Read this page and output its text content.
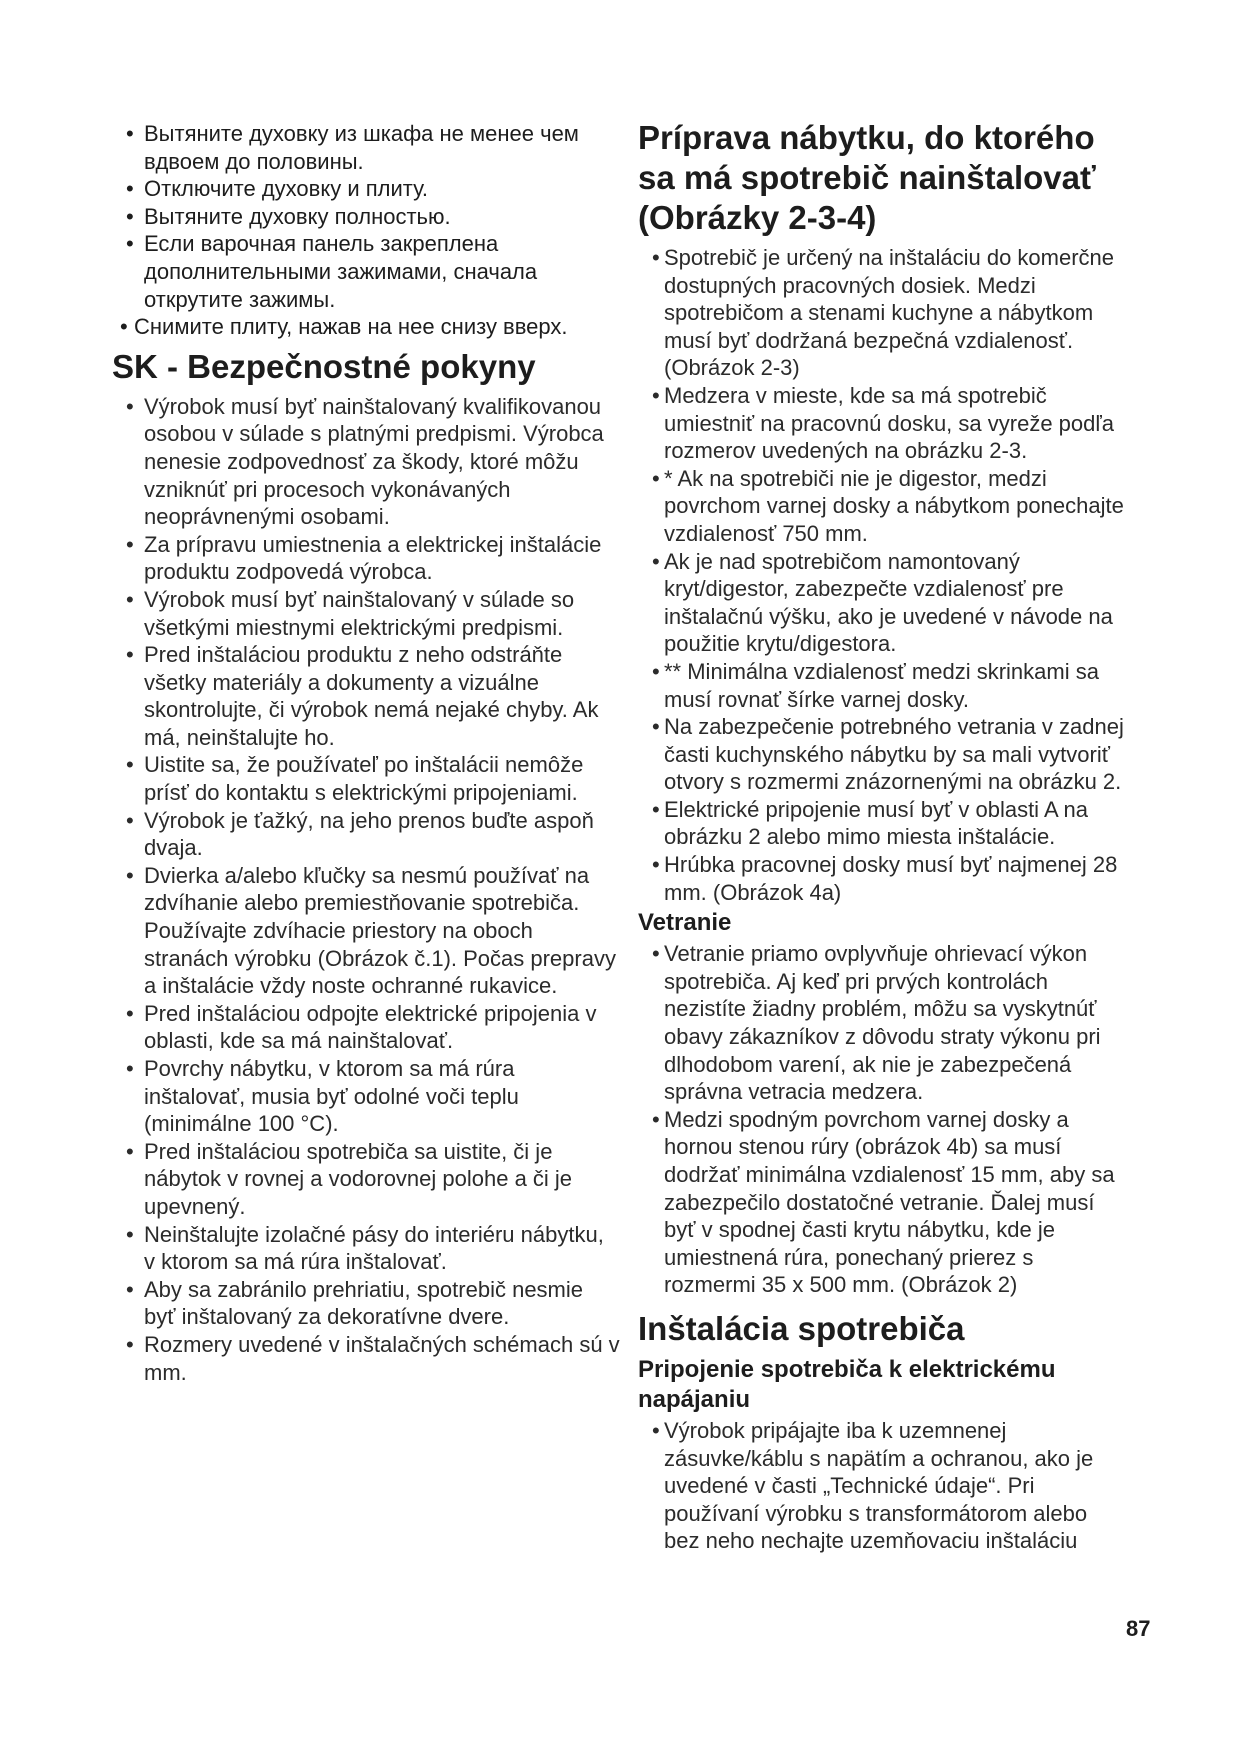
• Вытяните духовку из шкафа не менее чем вдвоем до половины.

• Отключите духовку и плиту.

• Вытяните духовку полностью.

• Если варочная панель закреплена дополнительными зажимами, сначала открутите зажимы.

• Снимите плиту, нажав на нее снизу вверх.

SK - Bezpečnostné pokyny

• Výrobok musí byť nainštalovaný kvalifikovanou osobou v súlade s platnými predpismi. Výrobca nenesie zodpovednosť za škody, ktoré môžu vzniknúť pri procesoch vykonávaných neoprávnenými osobami.

• Za prípravu umiestnenia a elektrickej inštalácie produktu zodpovedá výrobca.

• Výrobok musí byť nainštalovaný v súlade so všetkými miestnymi elektrickými predpismi.

• Pred inštaláciou produktu z neho odstráňte všetky materiály a dokumenty a vizuálne skontrolujte, či výrobok nemá nejaké chyby. Ak má, neinštalujte ho.

• Uistite sa, že používateľ po inštalácii nemôže prísť do kontaktu s elektrickými pripojeniami.

• Výrobok je ťažký, na jeho prenos buďte aspoň dvaja.

• Dvierka a/alebo kľučky sa nesmú používať na zdvíhanie alebo premiestňovanie spotrebiča. Používajte zdvíhacie priestory na oboch stranách výrobku (Obrázok č.1). Počas prepravy a inštalácie vždy noste ochranné rukavice.

• Pred inštaláciou odpojte elektrické pripojenia v oblasti, kde sa má nainštalovať.

• Povrchy nábytku, v ktorom sa má rúra inštalovať, musia byť odolné voči teplu (minimálne 100 °C).

• Pred inštaláciou spotrebiča sa uistite, či je nábytok v rovnej a vodorovnej polohe a či je upevnený.

• Neinštalujte izolačné pásy do interiéru nábytku, v ktorom sa má rúra inštalovať.

• Aby sa zabránilo prehriatiu, spotrebič nesmie byť inštalovaný za dekoratívne dvere.

• Rozmery uvedené v inštalačných schémach sú v mm.

Príprava nábytku, do ktorého sa má spotrebič nainštalovať (Obrázky 2-3-4)

• Spotrebič je určený na inštaláciu do komerčne dostupných pracovných dosiek. Medzi spotrebičom a stenami kuchyne a nábytkom musí byť dodržaná bezpečná vzdialenosť. (Obrázok 2-3)

• Medzera v mieste, kde sa má spotrebič umiestniť na pracovnú dosku, sa vyreže podľa rozmerov uvedených na obrázku 2-3.

• * Ak na spotrebiči nie je digestor, medzi povrchom varnej dosky a nábytkom ponechajte vzdialenosť 750 mm.

• Ak je nad spotrebičom namontovaný kryt/digestor, zabezpečte vzdialenosť pre inštalačnú výšku, ako je uvedené v návode na použitie krytu/digestora.

• ** Minimálna vzdialenosť medzi skrinkami sa musí rovnať šírke varnej dosky.

• Na zabezpečenie potrebného vetrania v zadnej časti kuchynského nábytku by sa mali vytvoriť otvory s rozmermi znázornenými na obrázku 2.

• Elektrické pripojenie musí byť v oblasti A na obrázku 2 alebo mimo miesta inštalácie.

• Hrúbka pracovnej dosky musí byť najmenej 28 mm. (Obrázok 4a)

Vetranie

• Vetranie priamo ovplyvňuje ohrievací výkon spotrebiča. Aj keď pri prvých kontrolách nezistíte žiadny problém, môžu sa vyskytnúť obavy zákazníkov z dôvodu straty výkonu pri dlhodobom varení, ak nie je zabezpečená správna vetracia medzera.

• Medzi spodným povrchom varnej dosky a hornou stenou rúry (obrázok 4b) sa musí dodržať minimálna vzdialenosť 15 mm, aby sa zabezpečilo dostatočné vetranie. Ďalej musí byť v spodnej časti krytu nábytku, kde je umiestnená rúra, ponechaný prierez s rozmermi 35 x 500 mm. (Obrázok 2)

Inštalácia spotrebiča
Pripojenie spotrebiča k elektrickému napájaniu

• Výrobok pripájajte iba k uzemnenej zásuvke/káblu s napätím a ochranou, ako je uvedené v časti „Technické údaje“. Pri používaní výrobku s transformátorom alebo bez neho nechajte uzemňovaciu inštaláciu

87
